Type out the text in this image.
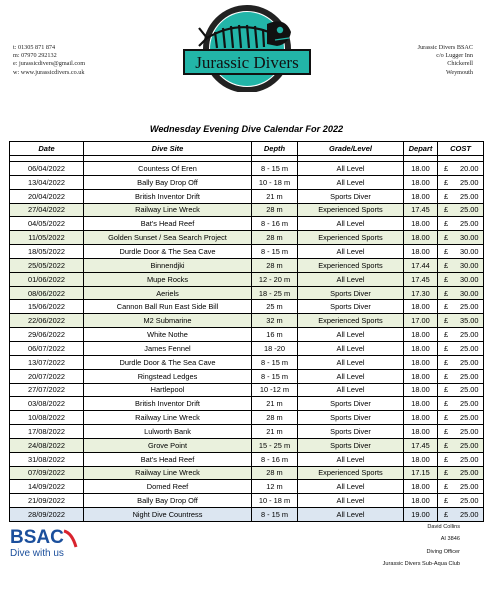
t: 01305 871 874
m: 07970 292132
e: jurassicdivers@gmail.com
w: www.jurassicdivers.co.uk
Jurassic Divers
Jurassic Divers BSAC
c/o Lugger Inn
Chickerell
Weymouth
Wednesday Evening Dive Calendar For 2022
Date	Dive Site	Depth	Grade/Level	Depart	COST

06/04/2022	Countess Of Eren	8 - 15 m	All Level	18.00	£ 20.00
13/04/2022	Bally Bay Drop Off	10 - 18 m	All Level	18.00	£ 25.00
20/04/2022	British Inventor Drift	21 m	Sports Diver	18.00	£ 25.00
27/04/2022	Railway Line Wreck	28 m	Experienced Sports	17.45	£ 25.00
04/05/2022	Bat's Head Reef	8 - 16 m	All Level	18.00	£ 25.00
11/05/2022	Golden Sunset / Sea Search Project	28 m	Experienced Sports	18.00	£ 30.00
18/05/2022	Durdle Door & The Sea Cave	8 - 15 m	All Level	18.00	£ 30.00
25/05/2022	Binnendjki	28 m	Experienced Sports	17.44	£ 30.00
01/06/2022	Mupe Rocks	12 - 20 m	All Level	17.45	£ 30.00
08/06/2022	Aeriels	18 - 25 m	Sports Diver	17.30	£ 30.00
15/06/2022	Cannon Ball Run East Side Bill	25 m	Sports Diver	18.00	£ 25.00
22/06/2022	M2 Submarine	32 m	Experienced Sports	17.00	£ 35.00
29/06/2022	White Nothe	16 m	All Level	18.00	£ 25.00
06/07/2022	James Fennel	18 -20	All Level	18.00	£ 25.00
13/07/2022	Durdle Door & The Sea Cave	8 - 15 m	All Level	18.00	£ 25.00
20/07/2022	Ringstead Ledges	8 - 15 m	All Level	18.00	£ 25.00
27/07/2022	Hartlepool	10 -12 m	All Level	18.00	£ 25.00
03/08/2022	British Inventor Drift	21 m	Sports Diver	18.00	£ 25.00
10/08/2022	Railway Line Wreck	28 m	Sports Diver	18.00	£ 25.00
17/08/2022	Lulworth Bank	21 m	Sports Diver	18.00	£ 25.00
24/08/2022	Grove Point	15 - 25 m	Sports Diver	17.45	£ 25.00
31/08/2022	Bat's Head Reef	8 - 16 m	All Level	18.00	£ 25.00
07/09/2022	Railway Line Wreck	28 m	Experienced Sports	17.15	£ 25.00
14/09/2022	Domed Reef	12 m	All Level	18.00	£ 25.00
21/09/2022	Bally Bay Drop Off	10 - 18 m	All Level	18.00	£ 25.00
28/09/2022	Night Dive Countress	8 - 15 m	All Level	19.00	£ 25.00
BSAC
Dive with us
David Collins
AI 3846
Diving Officer
Jurassic Divers Sub-Aqua Club
